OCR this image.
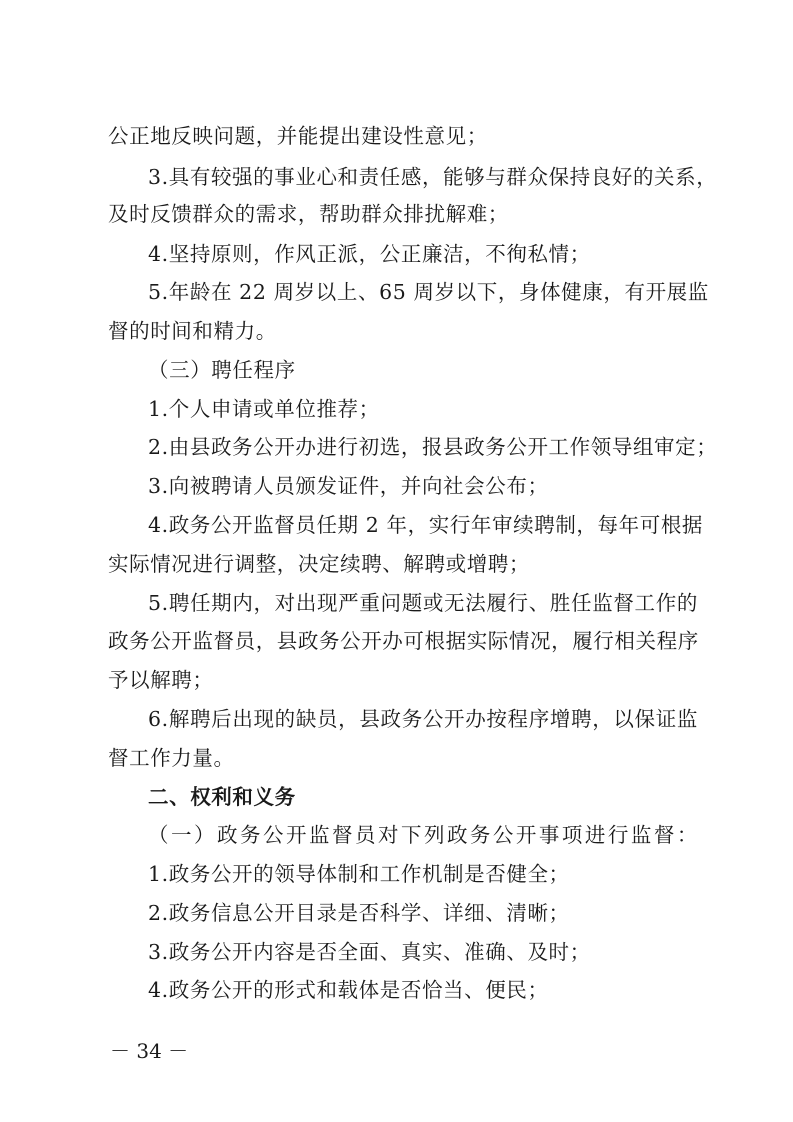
公正地反映问题，并能提出建设性意见；
3.具有较强的事业心和责任感，能够与群众保持良好的关系，
及时反馈群众的需求，帮助群众排扰解难；
4.坚持原则，作风正派，公正廉洁，不徇私情；
5.年龄在 22 周岁以上、65 周岁以下，身体健康，有开展监
督的时间和精力。
（三）聘任程序
1.个人申请或单位推荐；
2.由县政务公开办进行初选，报县政务公开工作领导组审定；
3.向被聘请人员颁发证件，并向社会公布；
4.政务公开监督员任期 2 年，实行年审续聘制，每年可根据
实际情况进行调整，决定续聘、解聘或增聘；
5.聘任期内，对出现严重问题或无法履行、胜任监督工作的
政务公开监督员，县政务公开办可根据实际情况，履行相关程序
予以解聘；
6.解聘后出现的缺员，县政务公开办按程序增聘，以保证监
督工作力量。
二、权利和义务
（一）政务公开监督员对下列政务公开事项进行监督：
1.政务公开的领导体制和工作机制是否健全；
2.政务信息公开目录是否科学、详细、清晰；
3.政务公开内容是否全面、真实、准确、及时；
4.政务公开的形式和载体是否恰当、便民；
－ 34 －
